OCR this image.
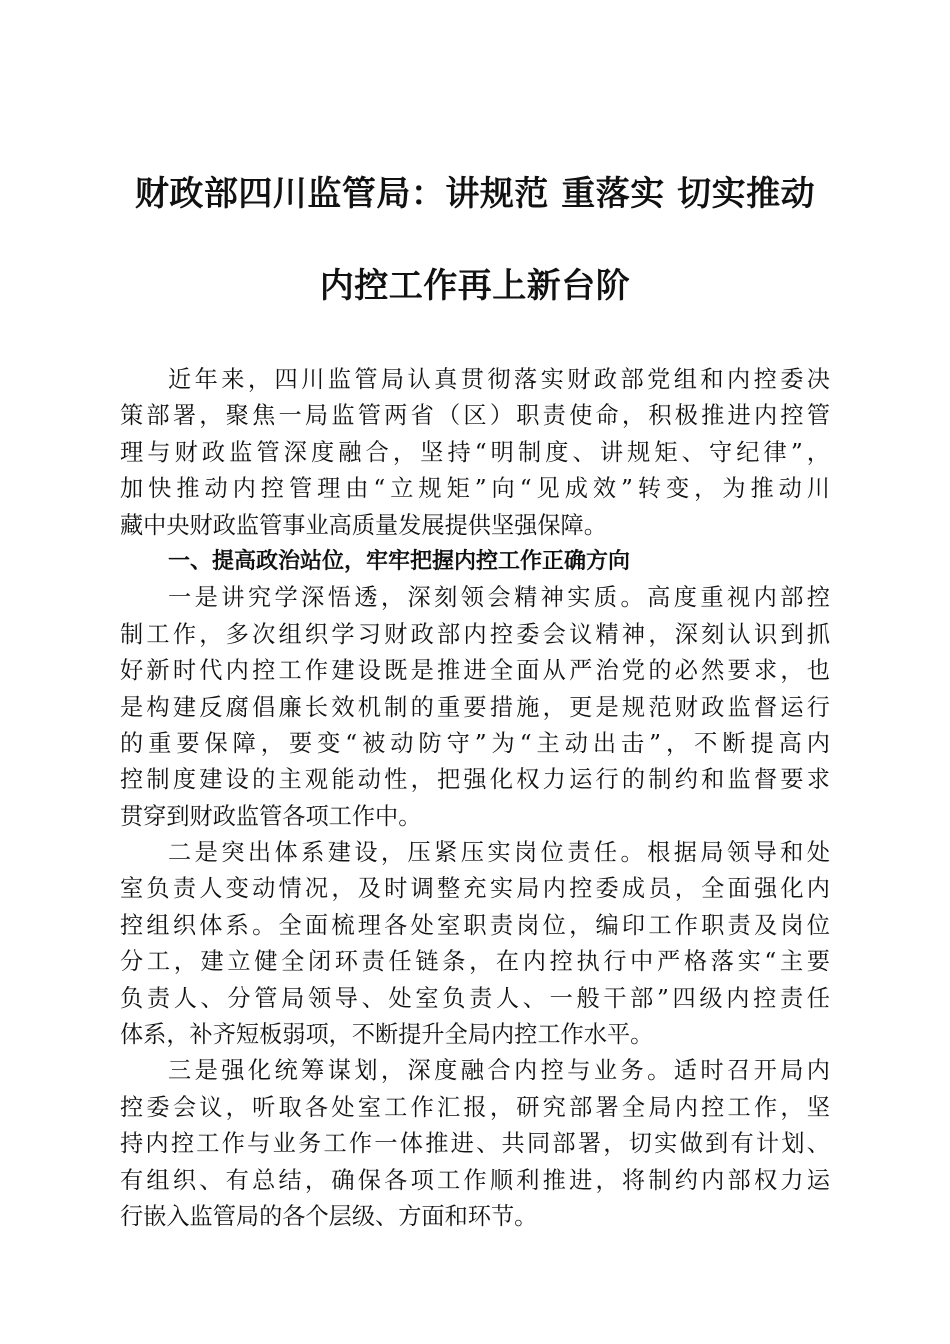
财政部四川监管局：讲规范 重落实 切实推动
内控工作再上新台阶
近年来，四川监管局认真贯彻落实财政部党组和内控委决
策部署，聚焦一局监管两省（区）职责使命，积极推进内控管
理与财政监管深度融合，坚持“明制度、讲规矩、守纪律”，
加快推动内控管理由“立规矩”向“见成效”转变，为推动川
藏中央财政监管事业高质量发展提供坚强保障。
一、提高政治站位，牢牢把握内控工作正确方向
一是讲究学深悟透，深刻领会精神实质。高度重视内部控
制工作，多次组织学习财政部内控委会议精神，深刻认识到抓
好新时代内控工作建设既是推进全面从严治党的必然要求，也
是构建反腐倡廉长效机制的重要措施，更是规范财政监督运行
的重要保障，要变“被动防守”为“主动出击”，不断提高内
控制度建设的主观能动性，把强化权力运行的制约和监督要求
贯穿到财政监管各项工作中。
二是突出体系建设，压紧压实岗位责任。根据局领导和处
室负责人变动情况，及时调整充实局内控委成员，全面强化内
控组织体系。全面梳理各处室职责岗位，编印工作职责及岗位
分工，建立健全闭环责任链条，在内控执行中严格落实“主要
负责人、分管局领导、处室负责人、一般干部”四级内控责任
体系，补齐短板弱项，不断提升全局内控工作水平。
三是强化统筹谋划，深度融合内控与业务。适时召开局内
控委会议，听取各处室工作汇报，研究部署全局内控工作，坚
持内控工作与业务工作一体推进、共同部署，切实做到有计划、
有组织、有总结，确保各项工作顺利推进，将制约内部权力运
行嵌入监管局的各个层级、方面和环节。
